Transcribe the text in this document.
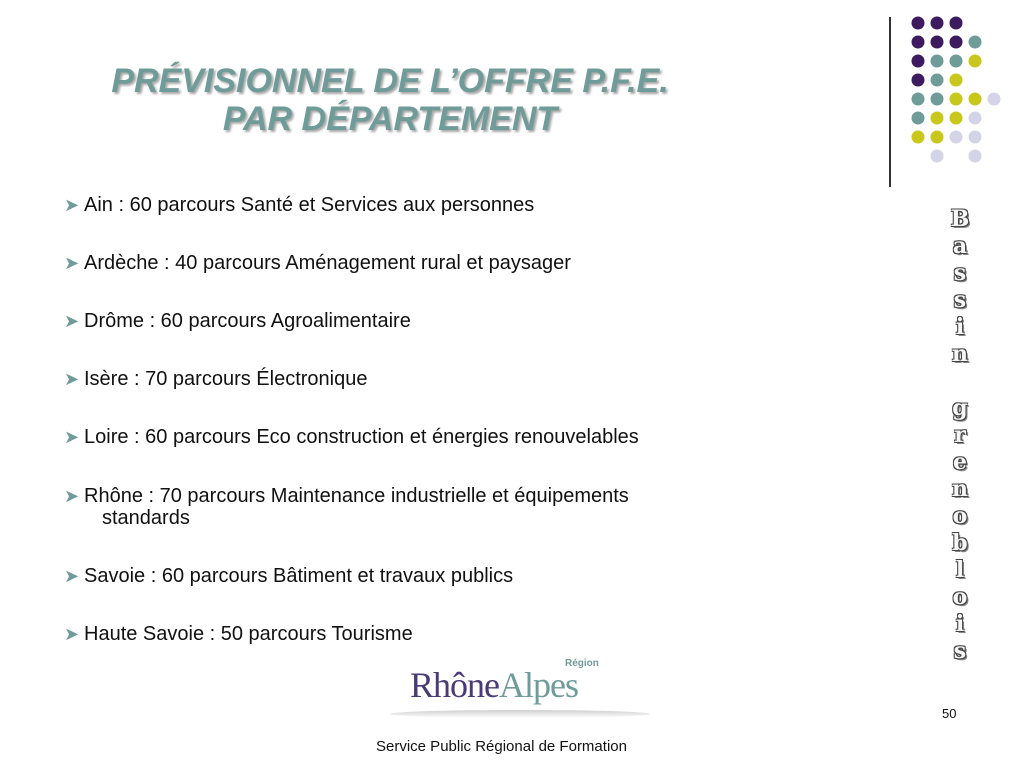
PRÉVISIONNEL DE L’OFFRE P.F.E.
PAR DÉPARTEMENT
➤ Ain : 60 parcours Santé et Services aux personnes
➤ Ardèche : 40 parcours Aménagement rural et paysager
➤ Drôme : 60 parcours Agroalimentaire
➤ Isère : 70 parcours Électronique
➤ Loire : 60 parcours Eco construction et énergies renouvelables
➤ Rhône : 70 parcours Maintenance industrielle et équipements
standards
➤ Savoie : 60 parcours Bâtiment et travaux publics
➤ Haute Savoie : 50 parcours Tourisme
B
a
s
s
i
n

g
r
e
n
o
b
l
o
i
s
RhôneAlpes
Région
50
Service Public Régional de Formation
